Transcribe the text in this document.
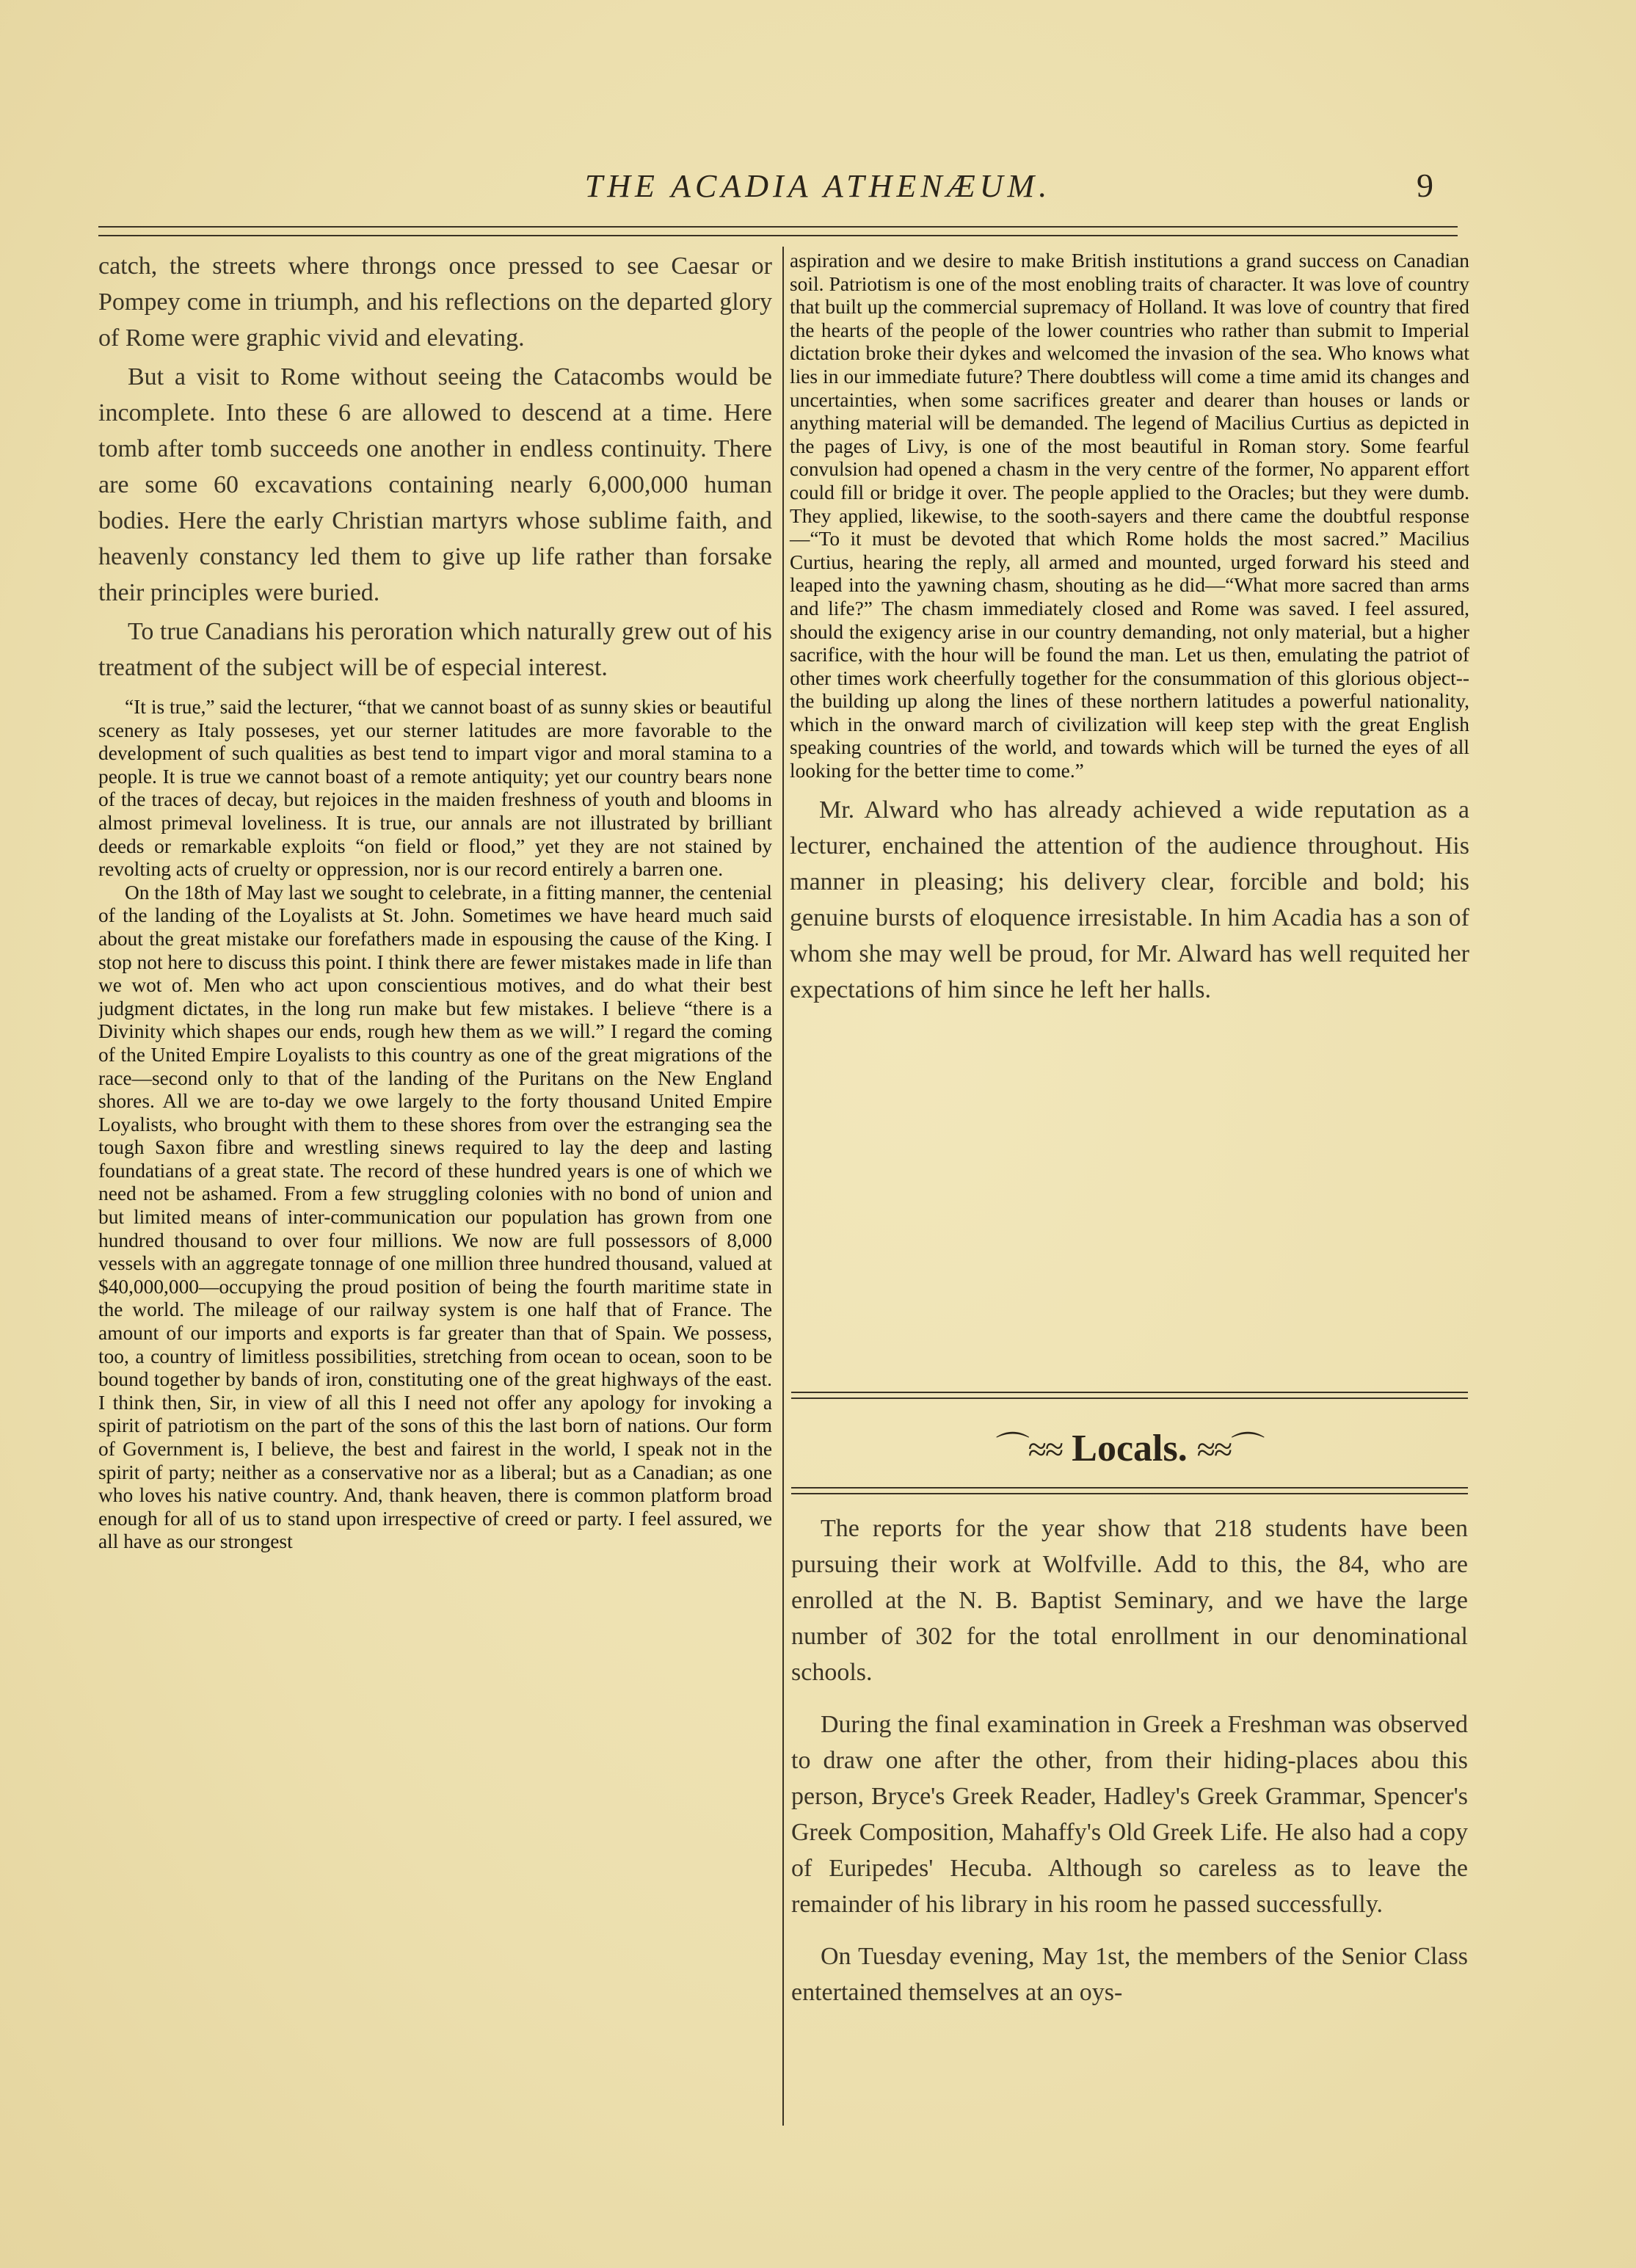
THE ACADIA ATHENÆUM.	9

catch, the streets where throngs once pressed to see Caesar or Pompey come in triumph, and his reflections on the departed glory of Rome were graphic vivid and elevating.

But a visit to Rome without seeing the Catacombs would be incomplete. Into these 6 are allowed to descend at a time. Here tomb after tomb succeeds one another in endless continuity. There are some 60 excavations containing nearly 6,000,000 human bodies. Here the early Christian martyrs whose sublime faith, and heavenly constancy led them to give up life rather than forsake their principles were buried.

To true Canadians his peroration which naturally grew out of his treatment of the subject will be of especial interest.

“It is true,” said the lecturer, “that we cannot boast of as sunny skies or beautiful scenery as Italy posseses, yet our sterner latitudes are more favorable to the development of such qualities as best tend to impart vigor and moral stamina to a people. It is true we cannot boast of a remote antiquity; yet our country bears none of the traces of decay, but rejoices in the maiden freshness of youth and blooms in almost primeval loveliness. It is true, our annals are not illustrated by brilliant deeds or remarkable exploits “on field or flood,” yet they are not stained by revolting acts of cruelty or oppression, nor is our record entirely a barren one.

On the 18th of May last we sought to celebrate, in a fitting manner, the centenial of the landing of the Loyalists at St. John. Sometimes we have heard much said about the great mistake our forefathers made in espousing the cause of the King. I stop not here to discuss this point. I think there are fewer mistakes made in life than we wot of. Men who act upon conscientious motives, and do what their best judgment dictates, in the long run make but few mistakes. I believe “there is a Divinity which shapes our ends, rough hew them as we will.” I regard the coming of the United Empire Loyalists to this country as one of the great migrations of the race—second only to that of the landing of the Puritans on the New England shores. All we are to-day we owe largely to the forty thousand United Empire Loyalists, who brought with them to these shores from over the estranging sea the tough Saxon fibre and wrestling sinews required to lay the deep and lasting foundatians of a great state. The record of these hundred years is one of which we need not be ashamed. From a few struggling colonies with no bond of union and but limited means of inter-communication our population has grown from one hundred thousand to over four millions. We now are full possessors of 8,000 vessels with an aggregate tonnage of one million three hundred thousand, valued at $40,000,000—occupying the proud position of being the fourth maritime state in the world. The mileage of our railway system is one half that of France. The amount of our imports and exports is far greater than that of Spain. We possess, too, a country of limitless possibilities, stretching from ocean to ocean, soon to be bound together by bands of iron, constituting one of the great highways of the east. I think then, Sir, in view of all this I need not offer any apology for invoking a spirit of patriotism on the part of the sons of this the last born of nations. Our form of Government is, I believe, the best and fairest in the world, I speak not in the spirit of party; neither as a conservative nor as a liberal; but as a Canadian; as one who loves his native country. And, thank heaven, there is common platform broad enough for all of us to stand upon irrespective of creed or party. I feel assured, we all have as our strongest

aspiration and we desire to make British institutions a grand success on Canadian soil. Patriotism is one of the most enobling traits of character. It was love of country that built up the commercial supremacy of Holland. It was love of country that fired the hearts of the people of the lower countries who rather than submit to Imperial dictation broke their dykes and welcomed the invasion of the sea. Who knows what lies in our immediate future? There doubtless will come a time amid its changes and uncertainties, when some sacrifices greater and dearer than houses or lands or anything material will be demanded. The legend of Macilius Curtius as depicted in the pages of Livy, is one of the most beautiful in Roman story. Some fearful convulsion had opened a chasm in the very centre of the former, No apparent effort could fill or bridge it over. The people applied to the Oracles; but they were dumb. They applied, likewise, to the sooth-sayers and there came the doubtful response—“To it must be devoted that which Rome holds the most sacred.” Macilius Curtius, hearing the reply, all armed and mounted, urged forward his steed and leaped into the yawning chasm, shouting as he did—“What more sacred than arms and life?” The chasm immediately closed and Rome was saved. I feel assured, should the exigency arise in our country demanding, not only material, but a higher sacrifice, with the hour will be found the man. Let us then, emulating the patriot of other times work cheerfully together for the consummation of this glorious object--the building up along the lines of these northern latitudes a powerful nationality, which in the onward march of civilization will keep step with the great English speaking countries of the world, and towards which will be turned the eyes of all looking for the better time to come.”

Mr. Alward who has already achieved a wide reputation as a lecturer, enchained the attention of the audience throughout. His manner in pleasing; his delivery clear, forcible and bold; his genuine bursts of eloquence irresistable. In him Acadia has a son of whom she may well be proud, for Mr. Alward has well requited her expectations of him since he left her halls.

⌒≈≈ Locals. ≈≈⌒

The reports for the year show that 218 students have been pursuing their work at Wolfville. Add to this, the 84, who are enrolled at the N. B. Baptist Seminary, and we have the large number of 302 for the total enrollment in our denominational schools.

During the final examination in Greek a Freshman was observed to draw one after the other, from their hiding-places abou this person, Bryce's Greek Reader, Hadley's Greek Grammar, Spencer's Greek Composition, Mahaffy's Old Greek Life. He also had a copy of Euripedes' Hecuba. Although so careless as to leave the remainder of his library in his room he passed successfully.

On Tuesday evening, May 1st, the members of the Senior Class entertained themselves at an oys-
